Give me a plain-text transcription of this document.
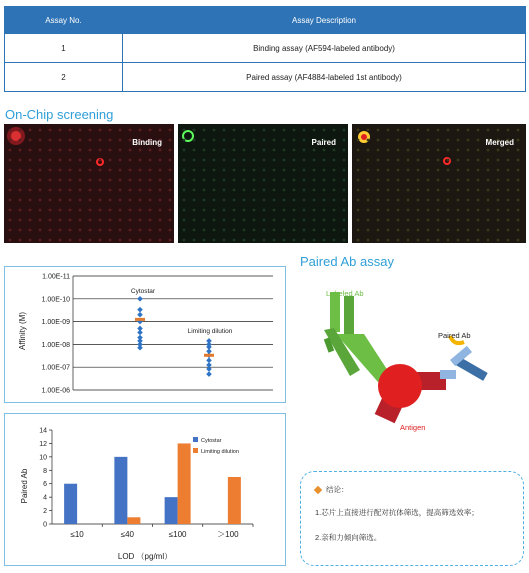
Assay No.	Assay Description
1	Binding assay (AF594-labeled antibody)
2	Paired assay (AF4884-labeled 1st antibody)
On-Chip screening
Binding	Paired	Merged
Affinity (M)
Cytostar
Limiting dilution
1.00E-11
1.00E-10
1.00E-09
1.00E-08
1.00E-07
1.00E-06
Paired Ab
LOD （pg/ml）
0
2
4
6
8
10
12
14
≤10	≤40	≤100	＞100
Cytostar
Limiting dilution
Paired Ab assay
Labeled Ab
Antigen
Paired Ab
结论：
1.芯片上直接进行配对抗体筛选，提高筛选效率；
2.亲和力倾向筛选。
